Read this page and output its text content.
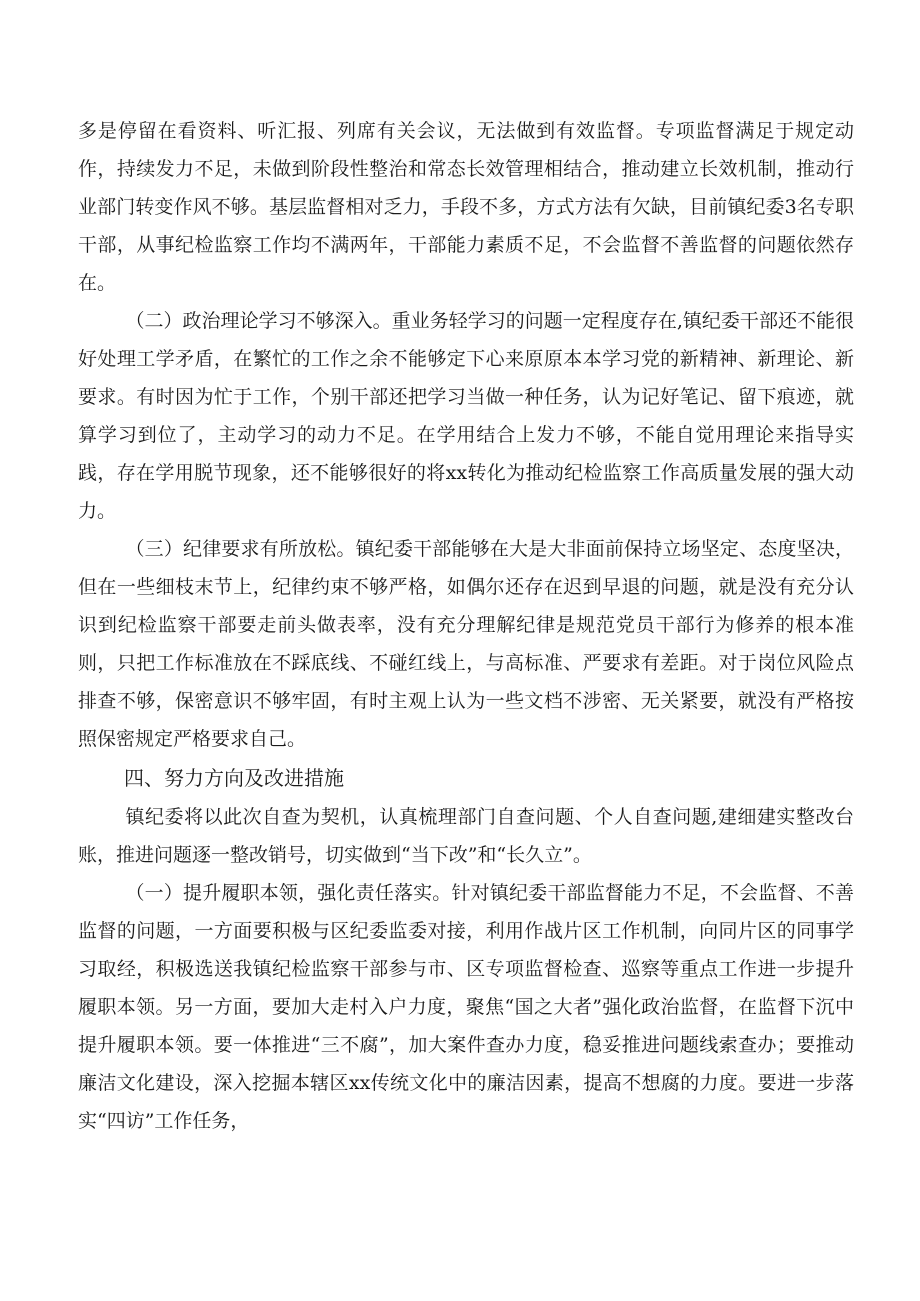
多是停留在看资料、听汇报、列席有关会议，无法做到有效监督。专项监督满足于规定动作，持续发力不足，未做到阶段性整治和常态长效管理相结合，推动建立长效机制，推动行业部门转变作风不够。基层监督相对乏力，手段不多，方式方法有欠缺，目前镇纪委3名专职干部，从事纪检监察工作均不满两年，干部能力素质不足，不会监督不善监督的问题依然存在。

（二）政治理论学习不够深入。重业务轻学习的问题一定程度存在,镇纪委干部还不能很好处理工学矛盾，在繁忙的工作之余不能够定下心来原原本本学习党的新精神、新理论、新要求。有时因为忙于工作，个别干部还把学习当做一种任务，认为记好笔记、留下痕迹，就算学习到位了，主动学习的动力不足。在学用结合上发力不够，不能自觉用理论来指导实践，存在学用脱节现象，还不能够很好的将xx转化为推动纪检监察工作高质量发展的强大动力。

（三）纪律要求有所放松。镇纪委干部能够在大是大非面前保持立场坚定、态度坚决，但在一些细枝末节上，纪律约束不够严格，如偶尔还存在迟到早退的问题，就是没有充分认识到纪检监察干部要走前头做表率，没有充分理解纪律是规范党员干部行为修养的根本准则，只把工作标准放在不踩底线、不碰红线上，与高标准、严要求有差距。对于岗位风险点排查不够，保密意识不够牢固，有时主观上认为一些文档不涉密、无关紧要，就没有严格按照保密规定严格要求自己。

四、努力方向及改进措施

镇纪委将以此次自查为契机，认真梳理部门自查问题、个人自查问题,建细建实整改台账，推进问题逐一整改销号，切实做到“当下改”和“长久立”。

（一）提升履职本领，强化责任落实。针对镇纪委干部监督能力不足，不会监督、不善监督的问题，一方面要积极与区纪委监委对接，利用作战片区工作机制，向同片区的同事学习取经，积极选送我镇纪检监察干部参与市、区专项监督检查、巡察等重点工作进一步提升履职本领。另一方面，要加大走村入户力度，聚焦“国之大者”强化政治监督，在监督下沉中提升履职本领。要一体推进“三不腐”，加大案件查办力度，稳妥推进问题线索查办；要推动廉洁文化建设，深入挖掘本辖区xx传统文化中的廉洁因素，提高不想腐的力度。要进一步落实“四访”工作任务，
